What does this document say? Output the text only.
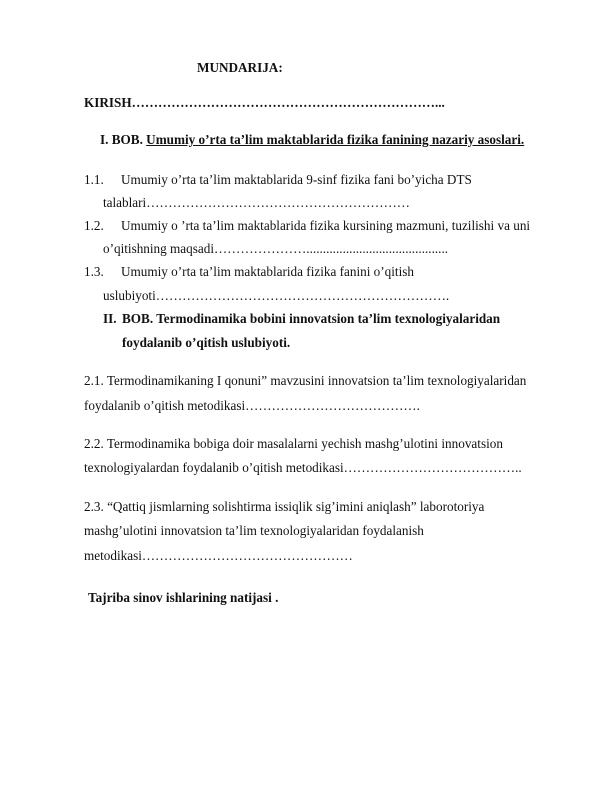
MUNDARIJA:
KIRISH……………………………………………………………...
I. BOB. Umumiy o’rta ta’lim maktablarida fizika fanining nazariy asoslari.
1.1. Umumiy o’rta ta’lim maktablarida 9-sinf fizika fani bo’yicha DTS
talablari……………………………………………………
1.2. Umumiy o ’rta ta’lim maktablarida fizika kursining mazmuni, tuzilishi va uni
o’qitishning maqsadi…………………...........................................
1.3. Umumiy o’rta ta’lim maktablarida fizika fanini o’qitish
uslubiyoti………………………………………………………….
II. BOB. Termodinamika bobini innovatsion ta’lim texnologiyalaridan
foydalanib o’qitish uslubiyoti.
2.1. Termodinamikaning I qonuni” mavzusini innovatsion ta’lim texnologiyalaridan
foydalanib o’qitish metodikasi………………………………….
2.2. Termodinamika bobiga doir masalalarni yechish mashg’ulotini innovatsion
texnologiyalardan foydalanib o’qitish metodikasi…………………………………..
2.3. “Qattiq jismlarning solishtirma issiqlik sig’imini aniqlash” laborotoriya
mashg’ulotini innovatsion ta’lim texnologiyalaridan foydalanish
metodikasi…………………………………………
Tajriba sinov ishlarining natijasi .
